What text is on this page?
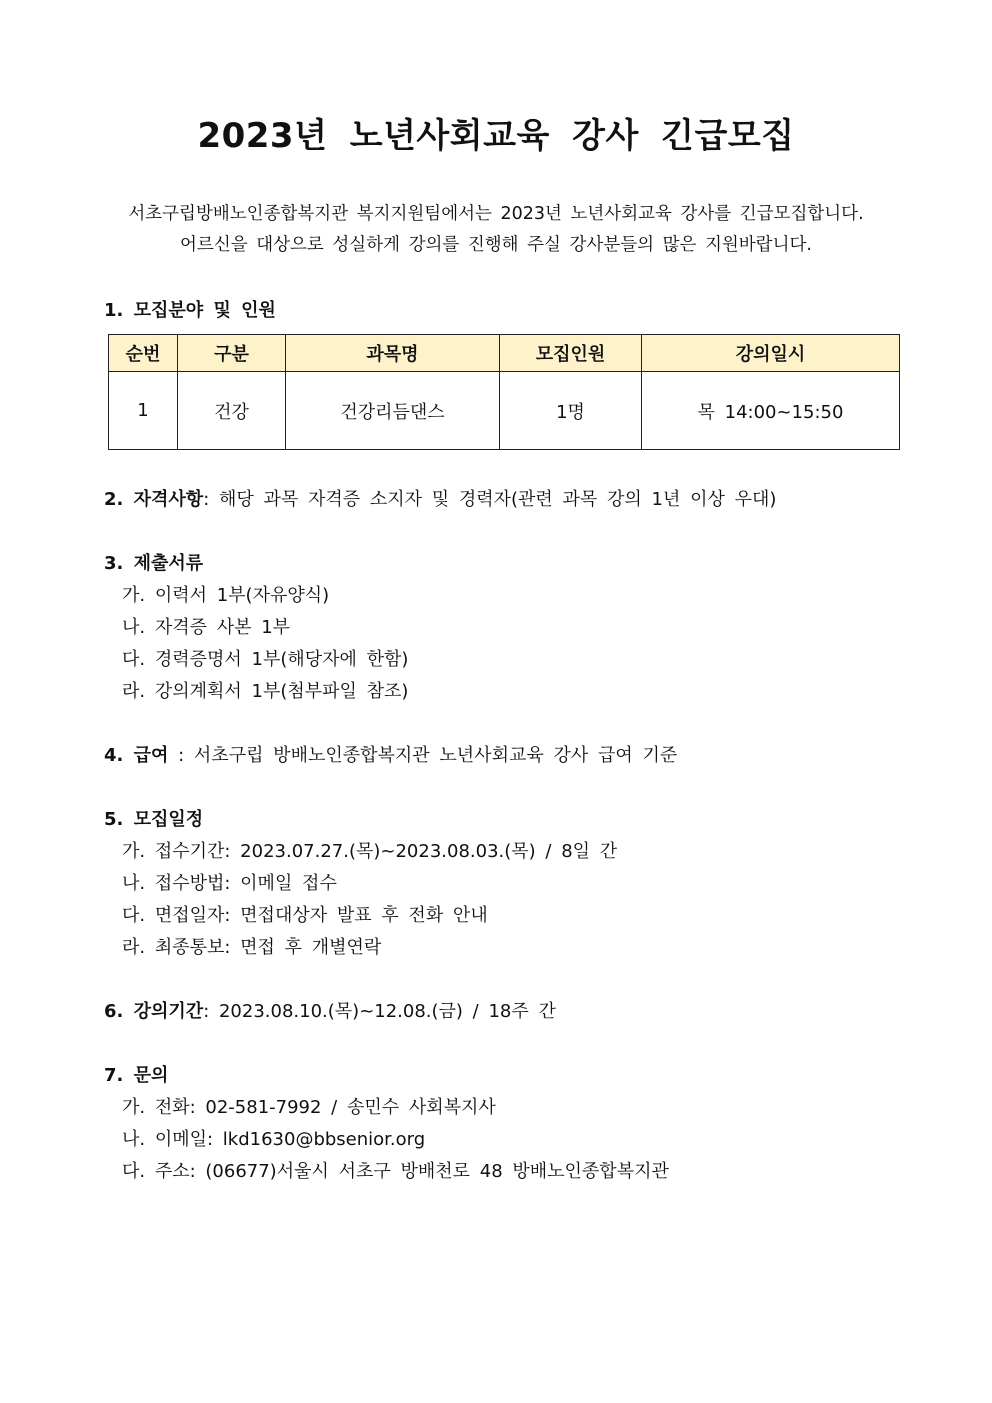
2023년 노년사회교육 강사 긴급모집
서초구립방배노인종합복지관 복지지원팀에서는 2023년 노년사회교육 강사를 긴급모집합니다.
어르신을 대상으로 성실하게 강의를 진행해 주실 강사분들의 많은 지원바랍니다.
1. 모집분야 및 인원
순번	구분	과목명	모집인원	강의일시
1	건강	건강리듬댄스	1명	목 14:00~15:50
2. 자격사항: 해당 과목 자격증 소지자 및 경력자(관련 과목 강의 1년 이상 우대)
3. 제출서류
가. 이력서 1부(자유양식)
나. 자격증 사본 1부
다. 경력증명서 1부(해당자에 한함)
라. 강의계획서 1부(첨부파일 참조)
4. 급여 : 서초구립 방배노인종합복지관 노년사회교육 강사 급여 기준
5. 모집일정
가. 접수기간: 2023.07.27.(목)~2023.08.03.(목) / 8일 간
나. 접수방법: 이메일 접수
다. 면접일자: 면접대상자 발표 후 전화 안내
라. 최종통보: 면접 후 개별연락
6. 강의기간: 2023.08.10.(목)~12.08.(금) / 18주 간
7. 문의
가. 전화: 02-581-7992 / 송민수 사회복지사
나. 이메일: lkd1630@bbsenior.org
다. 주소: (06677)서울시 서초구 방배천로 48 방배노인종합복지관
